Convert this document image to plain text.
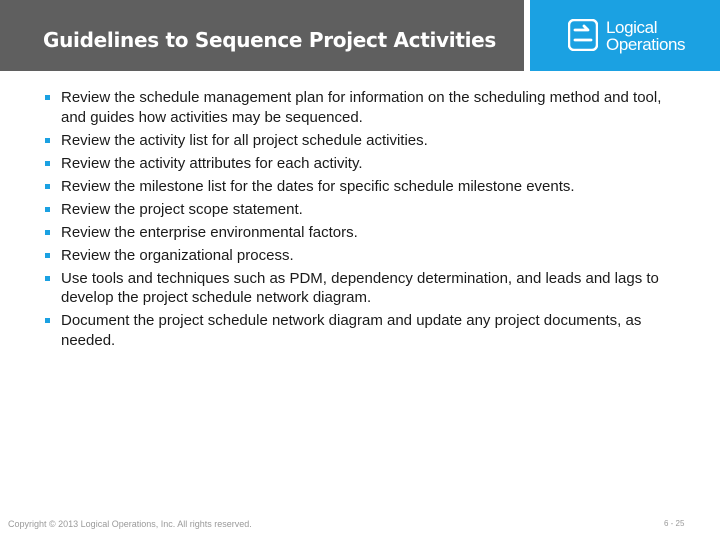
Guidelines to Sequence Project Activities
Logical
Operations
Review the schedule management plan for information on the scheduling method and tool, and guides how activities may be sequenced.
Review the activity list for all project schedule activities.
Review the activity attributes for each activity.
Review the milestone list for the dates for specific schedule milestone events.
Review the project scope statement.
Review the enterprise environmental factors.
Review the organizational process.
Use tools and techniques such as PDM, dependency determination, and leads and lags to develop the project schedule network diagram.
Document the project schedule network diagram and update any project documents, as needed.
Copyright © 2013 Logical Operations, Inc. All rights reserved.	6 - 25
